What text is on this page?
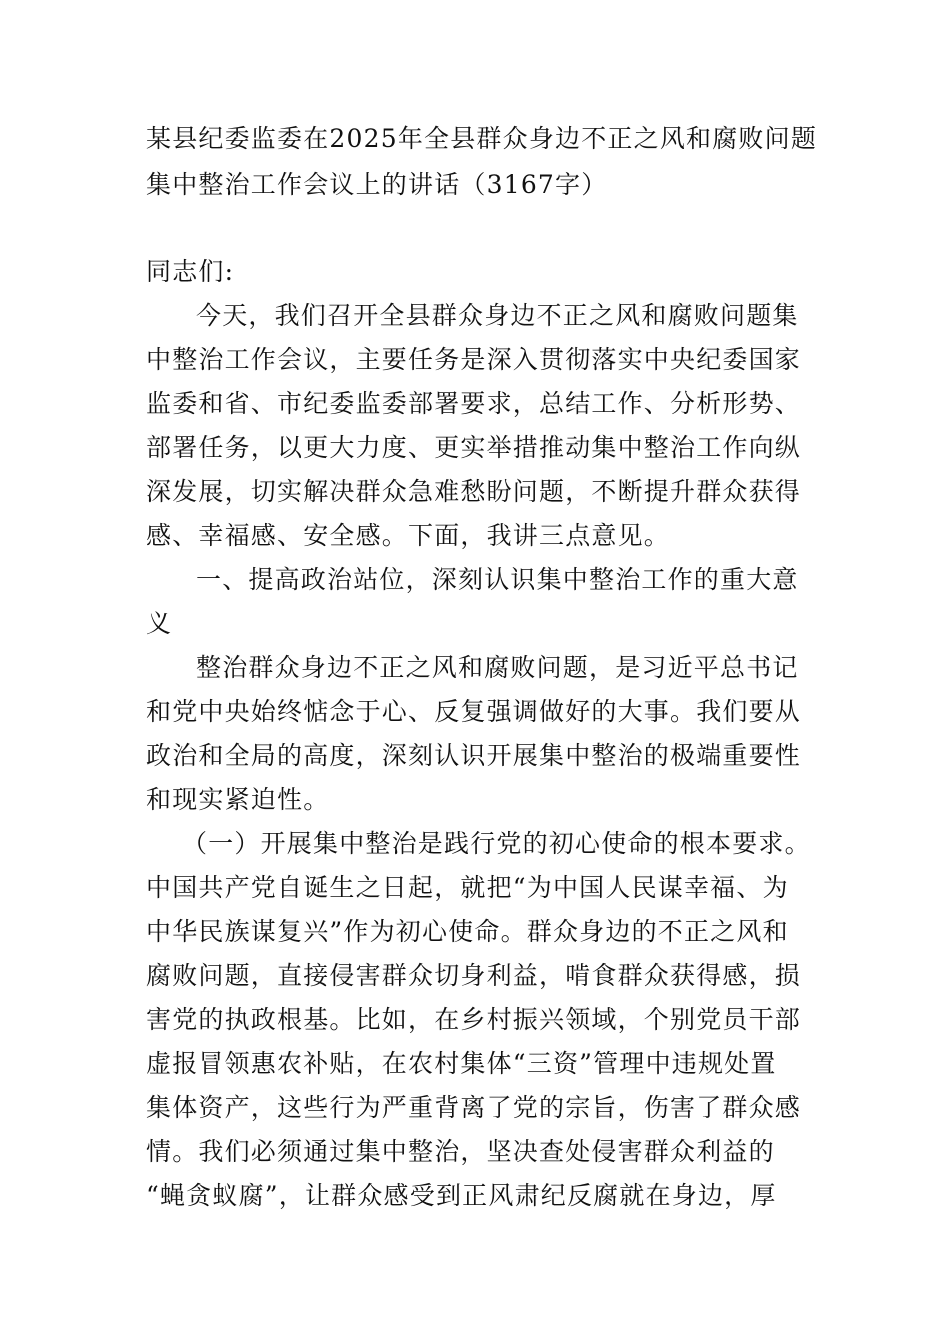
某县纪委监委在2025年全县群众身边不正之风和腐败问题
集中整治工作会议上的讲话（3167字）
同志们:
今天，我们召开全县群众身边不正之风和腐败问题集
中整治工作会议，主要任务是深入贯彻落实中央纪委国家
监委和省、市纪委监委部署要求，总结工作、分析形势、
部署任务，以更大力度、更实举措推动集中整治工作向纵
深发展，切实解决群众急难愁盼问题，不断提升群众获得
感、幸福感、安全感。下面，我讲三点意见。
一、提高政治站位，深刻认识集中整治工作的重大意
义
整治群众身边不正之风和腐败问题，是习近平总书记
和党中央始终惦念于心、反复强调做好的大事。我们要从
政治和全局的高度，深刻认识开展集中整治的极端重要性
和现实紧迫性。
（一）开展集中整治是践行党的初心使命的根本要求。
中国共产党自诞生之日起，就把“为中国人民谋幸福、为
中华民族谋复兴”作为初心使命。群众身边的不正之风和
腐败问题，直接侵害群众切身利益，啃食群众获得感，损
害党的执政根基。比如，在乡村振兴领域，个别党员干部
虚报冒领惠农补贴，在农村集体“三资”管理中违规处置
集体资产，这些行为严重背离了党的宗旨，伤害了群众感
情。我们必须通过集中整治，坚决查处侵害群众利益的
“蝇贪蚁腐”，让群众感受到正风肃纪反腐就在身边，厚
